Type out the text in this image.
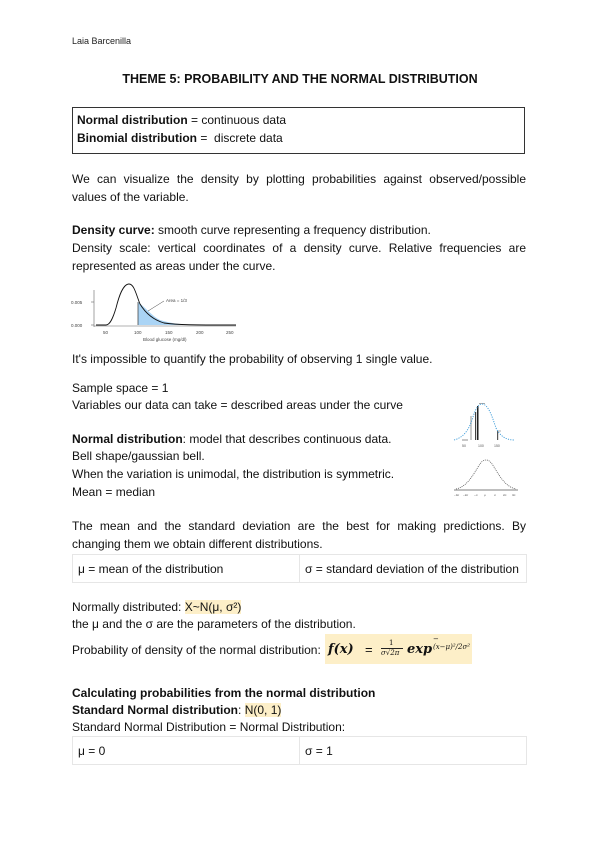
Laia Barcenilla
THEME 5: PROBABILITY AND THE NORMAL DISTRIBUTION
Normal distribution = continuous data
Binomial distribution =  discrete data
We can visualize the density by plotting probabilities against observed/possible values of the variable.
Density curve: smooth curve representing a frequency distribution.
Density scale: vertical coordinates of a density curve. Relative frequencies are represented as areas under the curve.
0.005
0.000
50	100	150	200	250
Blood glucose (mg/dl)
Area = 1/3
It's impossible to quantify the probability of observing 1 single value.
Sample space = 1
Variables our data can take = described areas under the curve
50	100	150
−3σ −2σ −σ μ	σ 2σ 3σ
Normal distribution: model that describes continuous data.
Bell shape/gaussian bell.
When the variation is unimodal, the distribution is symmetric.
Mean = median
The mean and the standard deviation are the best for making predictions. By changing them we obtain different distributions.
μ = mean of the distribution	σ = standard deviation of the distribution
Normally distributed: X~N(μ, σ²)
the μ and the σ are the parameters of the distribution.
Probability of density of the normal distribution: f(x) = 1
σ√2π exp
−(x−μ)²/2σ²
Calculating probabilities from the normal distribution
Standard Normal distribution: N(0, 1)
Standard Normal Distribution = Normal Distribution:
μ = 0	σ = 1
